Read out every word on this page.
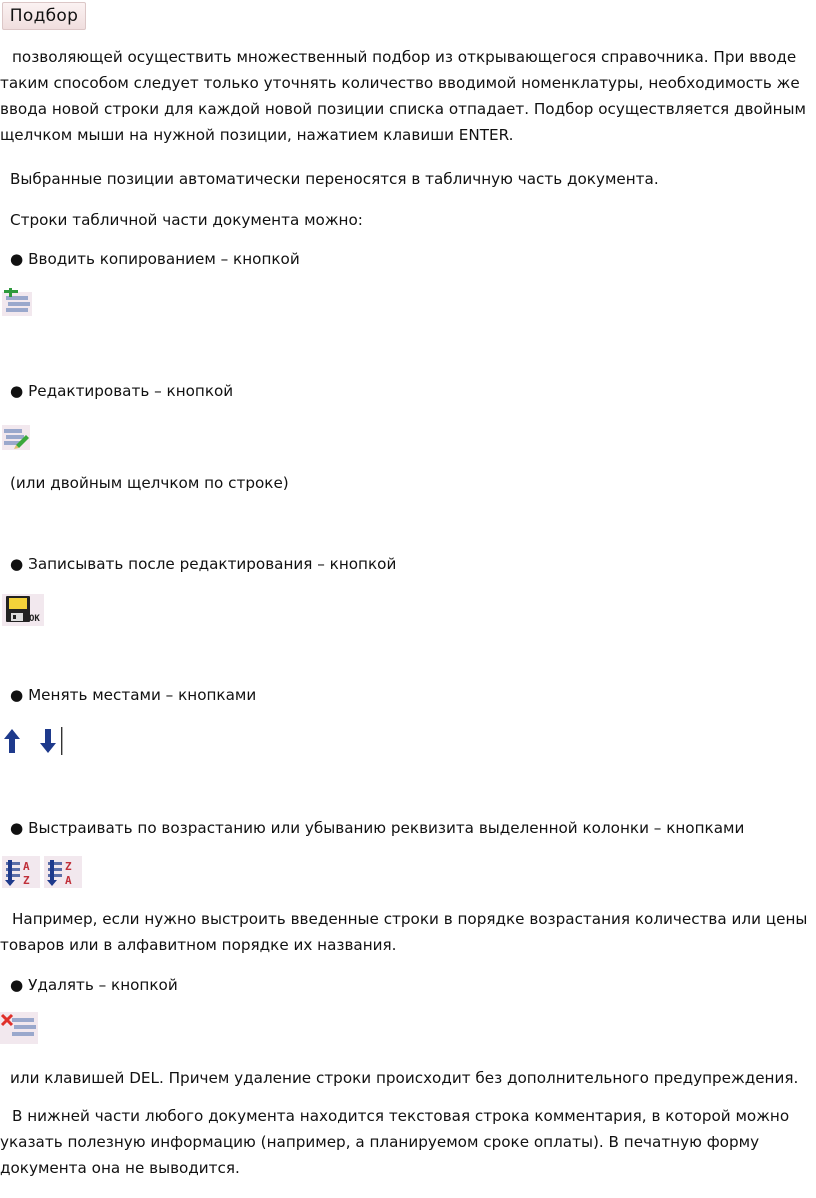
Подбор
позволяющей осуществить множественный подбор из открывающегося справочника. При вводе таким способом следует только уточнять количество вводимой номенклатуры, необходимость же ввода новой строки для каждой новой позиции списка отпадает. Подбор осуществляется двойным щелчком мыши на нужной позиции, нажатием клавиши ENTER.
Выбранные позиции автоматически переносятся в табличную часть документа.
Строки табличной части документа можно:
● Вводить копированием – кнопкой
● Редактировать – кнопкой
(или двойным щелчком по строке)
● Записывать после редактирования – кнопкой
OK
● Менять местами – кнопками
● Выстраивать по возрастанию или убыванию реквизита выделенной колонки – кнопками
A
Z
Z
A
Например, если нужно выстроить введенные строки в порядке возрастания количества или цены товаров или в алфавитном порядке их названия.
● Удалять – кнопкой
или клавишей DEL. Причем удаление строки происходит без дополнительного предупреждения.
В нижней части любого документа находится текстовая строка комментария, в которой можно указать полезную информацию (например, а планируемом сроке оплаты). В печатную форму документа она не выводится.
